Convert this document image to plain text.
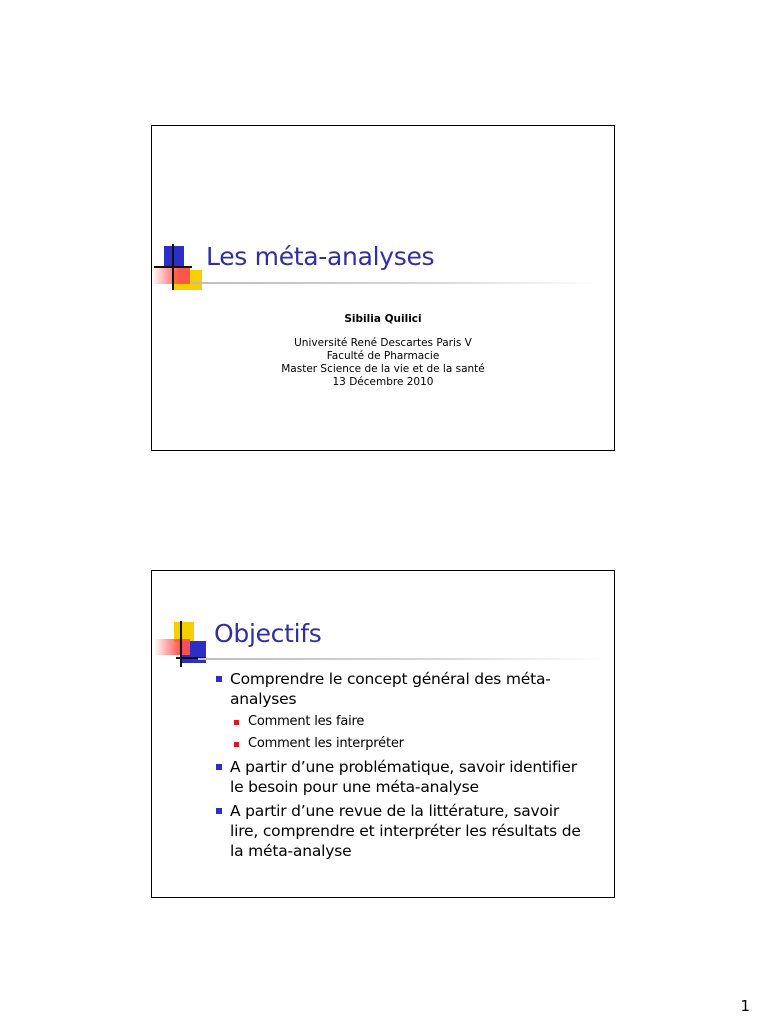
Les méta-analyses
Sibilia Quilici
Université René Descartes Paris V
Faculté de Pharmacie
Master Science de la vie et de la santé
13 Décembre 2010
Objectifs
Comprendre le concept général des méta-
analyses
Comment les faire
Comment les interpréter
A partir d’une problématique, savoir identifier
le besoin pour une méta-analyse
A partir d’une revue de la littérature, savoir
lire, comprendre et interpréter les résultats de
la méta-analyse
1
